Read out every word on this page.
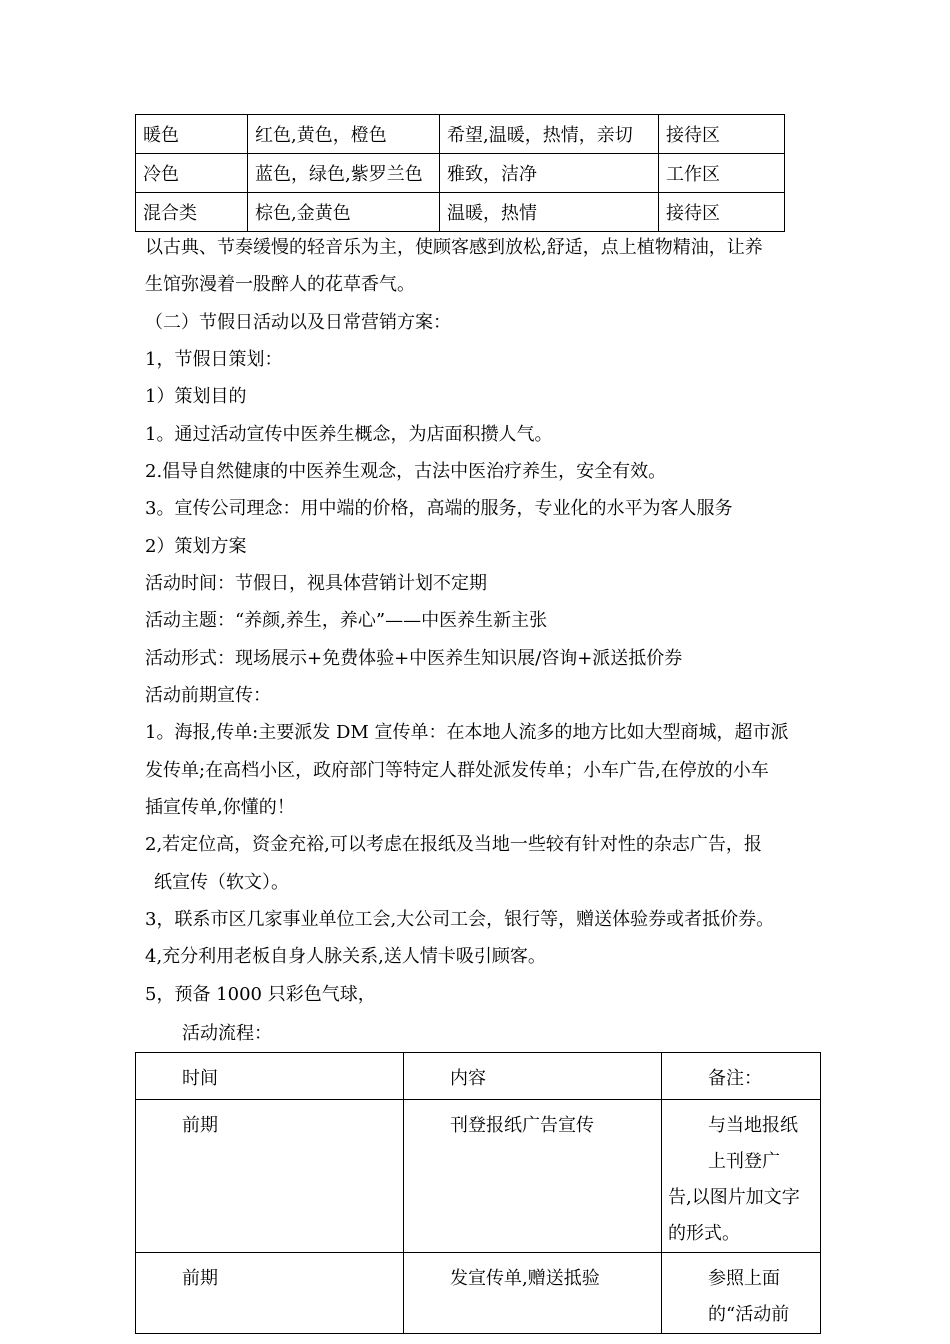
暖色	红色,黄色，橙色	希望,温暖，热情，亲切	接待区
冷色	蓝色，绿色,紫罗兰色	雅致，洁净	工作区
混合类	棕色,金黄色	温暖，热情	接待区
以古典、节奏缓慢的轻音乐为主，使顾客感到放松,舒适，点上植物精油，让养
生馆弥漫着一股醉人的花草香气。
（二）节假日活动以及日常营销方案：
1，节假日策划：
1）策划目的
1。通过活动宣传中医养生概念，为店面积攒人气。
2.倡导自然健康的中医养生观念，古法中医治疗养生，安全有效。
3。宣传公司理念：用中端的价格，高端的服务，专业化的水平为客人服务
2）策划方案
活动时间：节假日，视具体营销计划不定期
活动主题：“养颜,养生，养心”——中医养生新主张
活动形式：现场展示+免费体验+中医养生知识展/咨询+派送抵价券
活动前期宣传：
1。海报,传单:主要派发 DM 宣传单：在本地人流多的地方比如大型商城，超市派
发传单;在高档小区，政府部门等特定人群处派发传单；小车广告,在停放的小车
插宣传单,你懂的！
2,若定位高，资金充裕,可以考虑在报纸及当地一些较有针对性的杂志广告，报
纸宣传（软文）。
3，联系市区几家事业单位工会,大公司工会，银行等，赠送体验券或者抵价券。
4,充分利用老板自身人脉关系,送人情卡吸引顾客。
5，预备 1000 只彩色气球，
活动流程：
时间	内容	备注：
前期	刊登报纸广告宣传	与当地报纸上刊登广
告,以图片加文字的形式。

前期	发宣传单,赠送抵验	参照上面的“活动前
